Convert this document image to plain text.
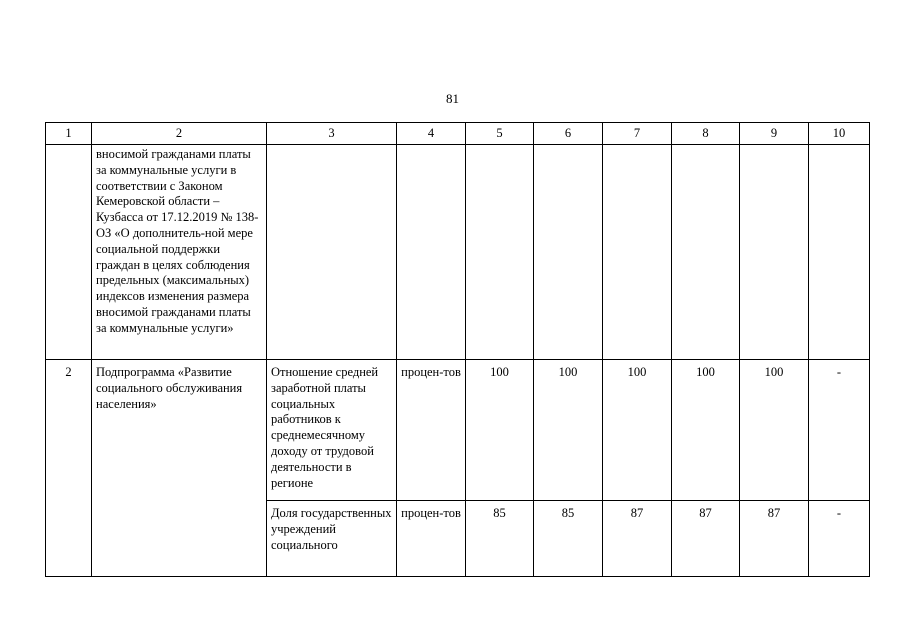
81
1	2	3	4	5	6	7	8	9	10
	вносимой гражданами платы за коммунальные услуги в соответствии с Законом Кемеровской области – Кузбасса от 17.12.2019 № 138-ОЗ «О дополнитель-ной мере социальной поддержки граждан в целях соблюдения предельных (максимальных) индексов изменения размера вносимой гражданами платы за коммунальные услуги»								
2	Подпрограмма «Развитие социального обслуживания населения»	Отношение средней заработной платы социальных работников к среднемесячному доходу от трудовой деятельности в регионе	процен-тов	100	100	100	100	100	-
		Доля государственных учреждений социального	процен-тов	85	85	87	87	87	-
